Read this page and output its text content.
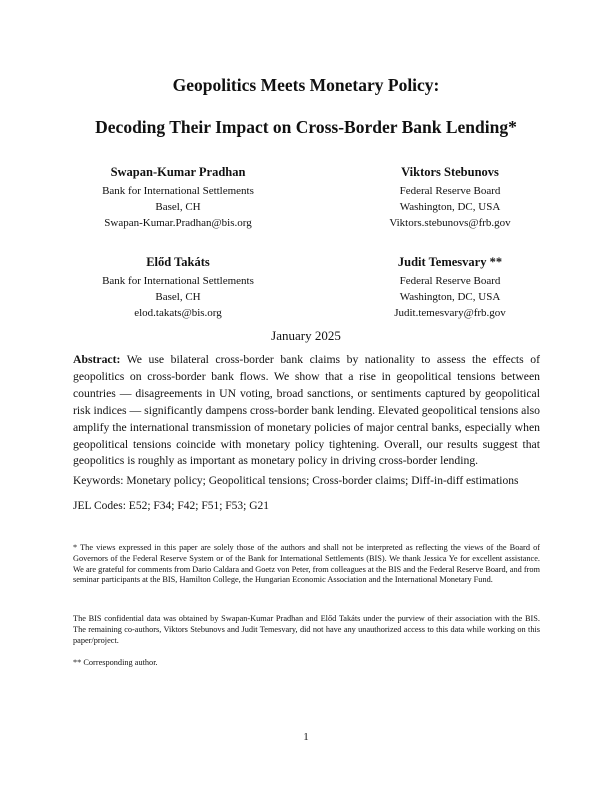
Geopolitics Meets Monetary Policy:
Decoding Their Impact on Cross-Border Bank Lending*
Swapan-Kumar Pradhan
Bank for International Settlements
Basel, CH
Swapan-Kumar.Pradhan@bis.org
Viktors Stebunovs
Federal Reserve Board
Washington, DC, USA
Viktors.stebunovs@frb.gov
Előd Takáts
Bank for International Settlements
Basel, CH
elod.takats@bis.org
Judit Temesvary **
Federal Reserve Board
Washington, DC, USA
Judit.temesvary@frb.gov
January 2025
Abstract: We use bilateral cross-border bank claims by nationality to assess the effects of geopolitics on cross-border bank flows. We show that a rise in geopolitical tensions between countries — disagreements in UN voting, broad sanctions, or sentiments captured by geopolitical risk indices — significantly dampens cross-border bank lending. Elevated geopolitical tensions also amplify the international transmission of monetary policies of major central banks, especially when geopolitical tensions coincide with monetary policy tightening. Overall, our results suggest that geopolitics is roughly as important as monetary policy in driving cross-border lending.
Keywords: Monetary policy; Geopolitical tensions; Cross-border claims; Diff-in-diff estimations
JEL Codes: E52; F34; F42; F51; F53; G21
* The views expressed in this paper are solely those of the authors and shall not be interpreted as reflecting the views of the Board of Governors of the Federal Reserve System or of the Bank for International Settlements (BIS). We thank Jessica Ye for excellent assistance. We are grateful for comments from Dario Caldara and Goetz von Peter, from colleagues at the BIS and the Federal Reserve Board, and from seminar participants at the BIS, Hamilton College, the Hungarian Economic Association and the International Monetary Fund.
The BIS confidential data was obtained by Swapan-Kumar Pradhan and Előd Takáts under the purview of their association with the BIS. The remaining co-authors, Viktors Stebunovs and Judit Temesvary, did not have any unauthorized access to this data while working on this paper/project.
** Corresponding author.
1
